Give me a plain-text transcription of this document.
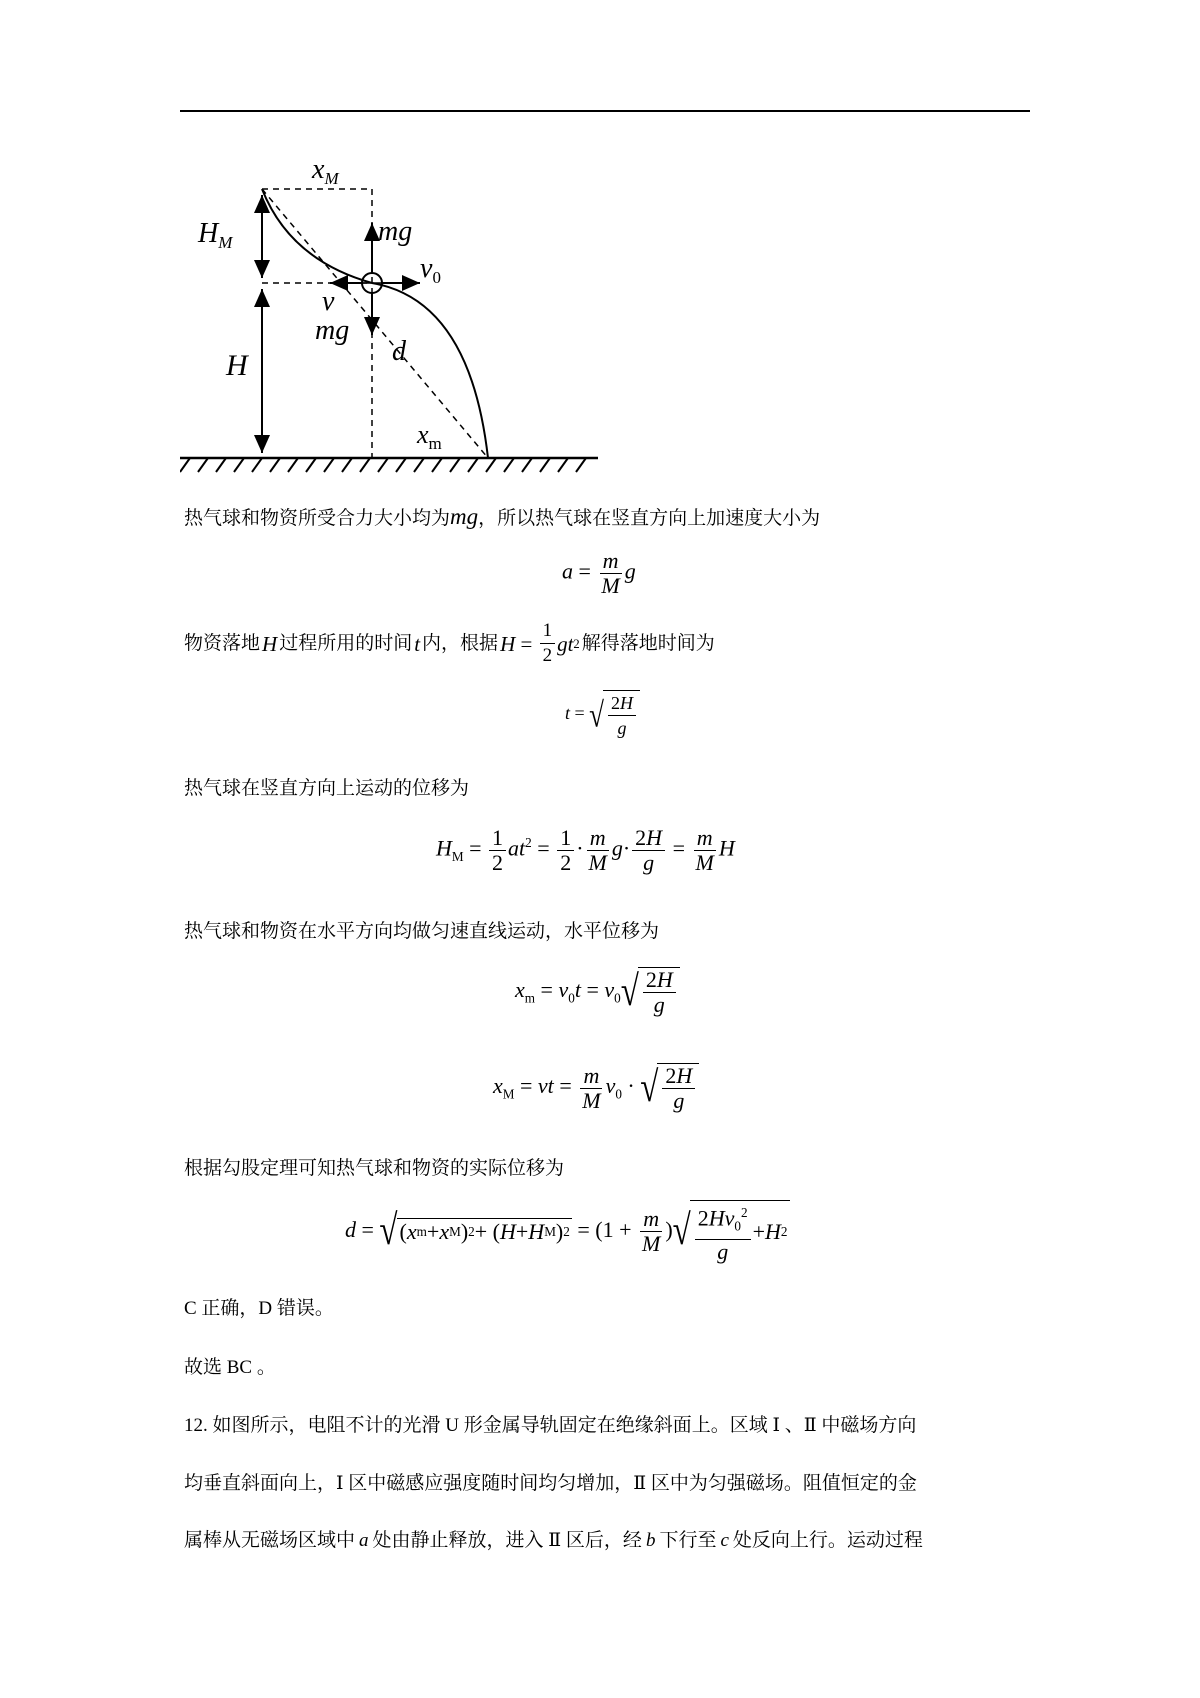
$x_M$
$H_M$	mg
$v_0$
v
mg
d
H
$x_m$
热气球和物资所受合力大小均为mg，所以热气球在竖直方向上加速度大小为
$a = \frac{m}{M}$ g
物资落地 H 过程所用的时间 t 内，根据 $H = \frac{1}{2}$ gt 2 解得落地时间为
t = √ $\frac{2H}{g}$
热气球在竖直方向上运动的位移为
$H_M = \frac{1}{2} at^2 = \frac{1}{2} \cdot \frac{m}{M} g\cdot \frac{2H}{g} = \frac{m}{M}$ H
热气球和物资在水平方向均做匀速直线运动，水平位移为
$x_m = v_0t = v_0$ √ $\frac{2H}{g}$
$x_M$ = vt = $\frac{m}{M} v_0$ · √ $\frac{2H}{g}$
根据勾股定理可知热气球和物资的实际位移为
d = √ ( x m + x M ) 2 + ( H + H M ) $2 = (1 + \frac{m}{M}$ ) √ $\frac{2Hv_0^2}{g} + H$ 2
C 正确，D 错误。
故选 BC 。
12. 如图所示，电阻不计的光滑 U 形金属导轨固定在绝缘斜面上。区域 Ⅰ 、Ⅱ 中磁场方向
均垂直斜面向上，Ⅰ 区中磁感应强度随时间均匀增加，Ⅱ 区中为匀强磁场。阻值恒定的金
属棒从无磁场区域中 a 处由静止释放，进入 Ⅱ 区后，经 b 下行至 c 处反向上行。运动过程
